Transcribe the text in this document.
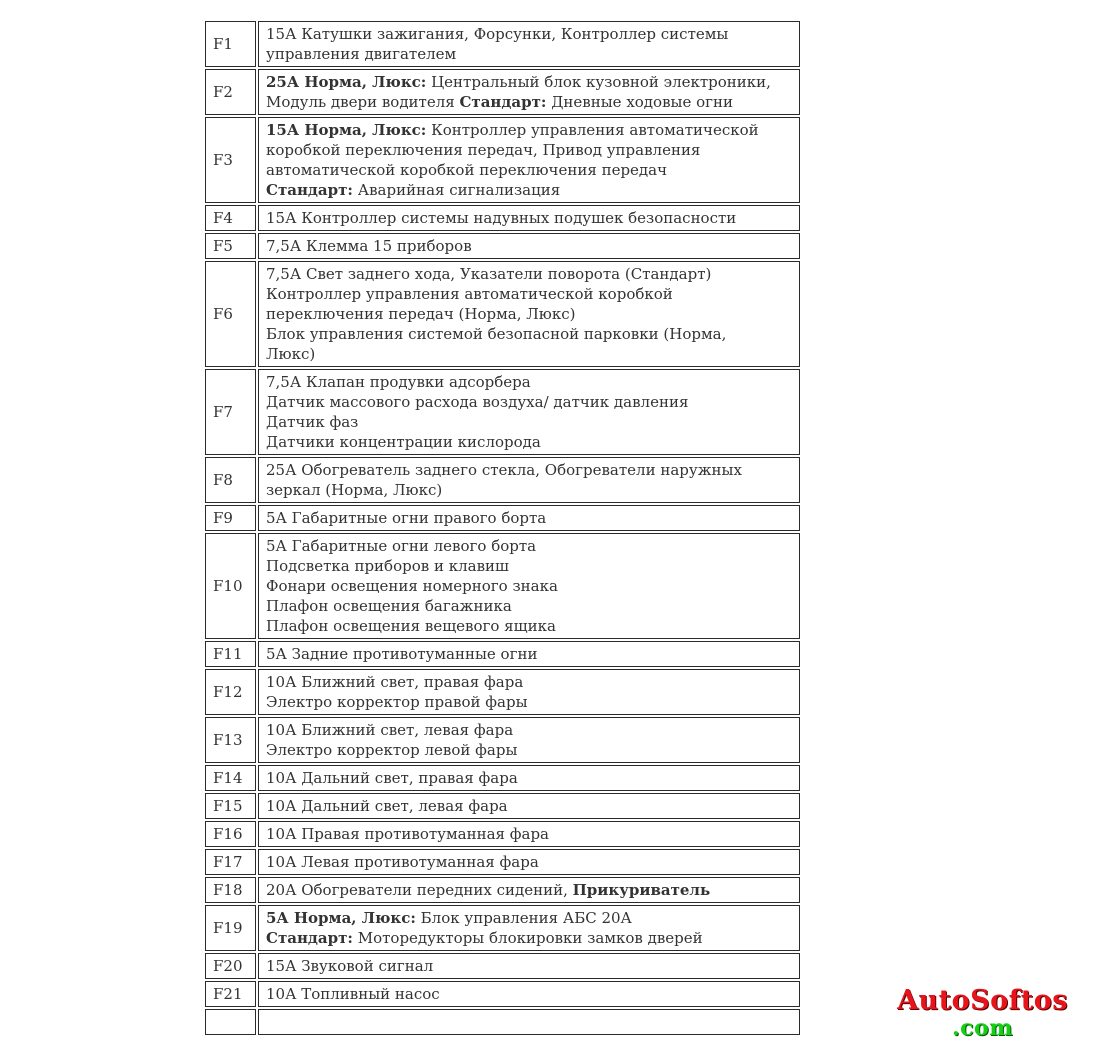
F1	15А Катушки зажигания, Форсунки, Контроллер системы
управления двигателем

F2	25А Норма, Люкс: Центральный блок кузовной электроники,
Модуль двери водителя Стандарт: Дневные ходовые огни

F3	15А Норма, Люкс: Контроллер управления автоматической
коробкой переключения передач, Привод управления
автоматической коробкой переключения передач
Стандарт: Аварийная сигнализация

F4	15А Контроллер системы надувных подушек безопасности

F5	7,5А Клемма 15 приборов

F6	7,5А Свет заднего хода, Указатели поворота (Стандарт)
Контроллер управления автоматической коробкой
переключения передач (Норма, Люкс)
Блок управления системой безопасной парковки (Норма,
Люкс)

F7	7,5А Клапан продувки адсорбера
Датчик массового расхода воздуха/ датчик давления
Датчик фаз
Датчики концентрации кислорода

F8	25А Обогреватель заднего стекла, Обогреватели наружных
зеркал (Норма, Люкс)

F9	5А Габаритные огни правого борта

F10	5А Габаритные огни левого борта
Подсветка приборов и клавиш
Фонари освещения номерного знака
Плафон освещения багажника
Плафон освещения вещевого ящика

F11	5А Задние противотуманные огни

F12	10А Ближний свет, правая фара
Электро корректор правой фары

F13	10А Ближний свет, левая фара
Электро корректор левой фары

F14	10А Дальний свет, правая фара

F15	10А Дальний свет, левая фара

F16	10А Правая противотуманная фара

F17	10А Левая противотуманная фара

F18	20А Обогреватели передних сидений, Прикуриватель

F19	5А Норма, Люкс: Блок управления АБС 20А
Стандарт: Моторедукторы блокировки замков дверей

F20	15А Звуковой сигнал

F21	10А Топливный насос

		AutoSoftos
.com
